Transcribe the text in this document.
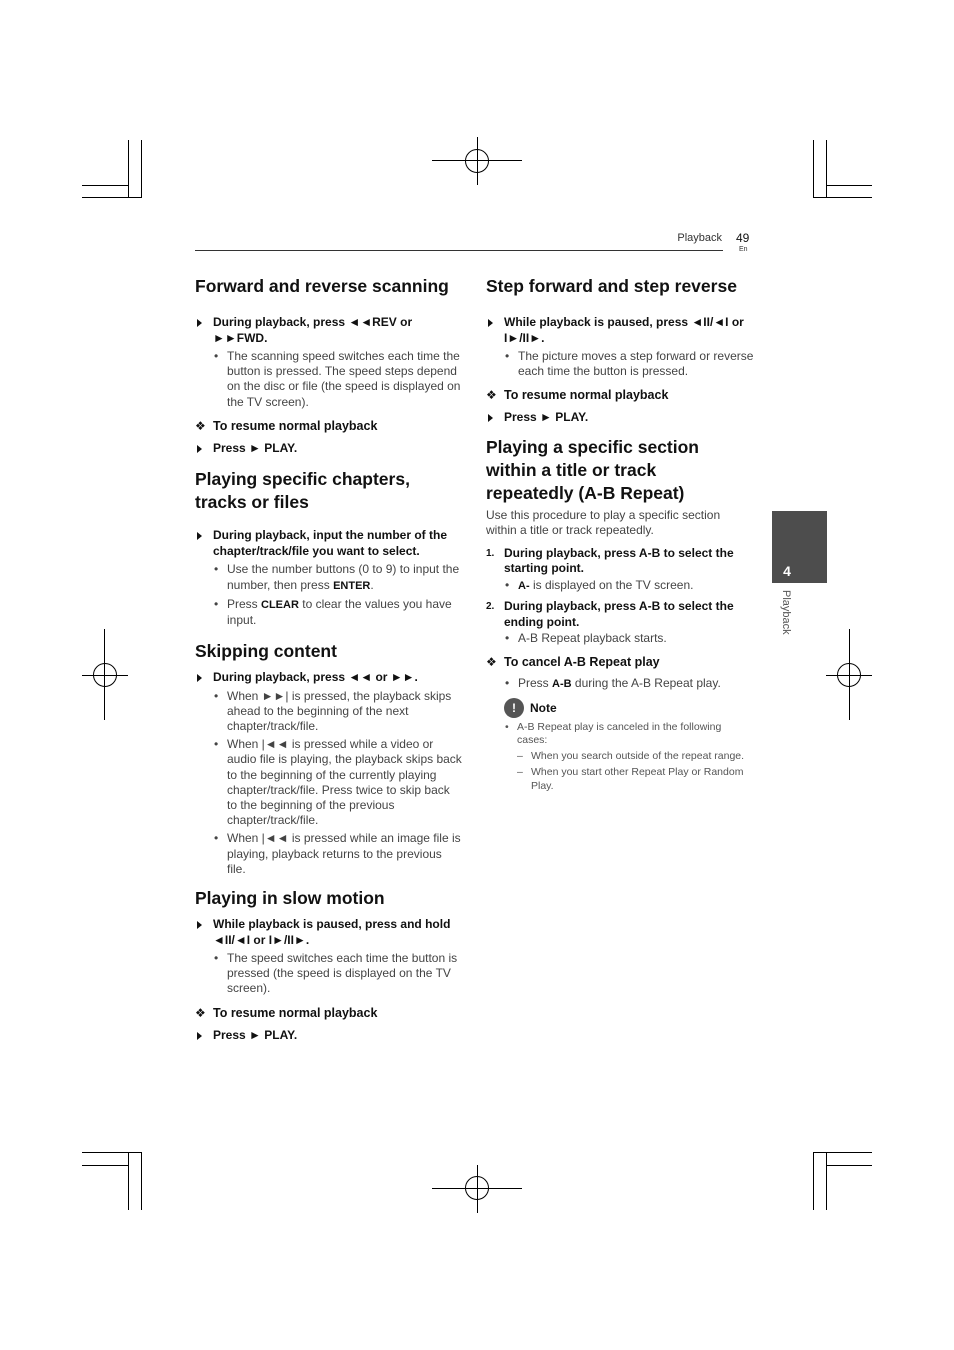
Playback 49
En
4
Playback
Forward and reverse scanning
During playback, press ◄◄REV or ►►FWD.
• The scanning speed switches each time the button is pressed. The speed steps depend on the disc or file (the speed is displayed on the TV screen).
❖ To resume normal playback
Press ► PLAY.
Playing specific chapters, tracks or files
During playback, input the number of the chapter/track/file you want to select.
• Use the number buttons (0 to 9) to input the number, then press ENTER.
• Press CLEAR to clear the values you have input.
Skipping content
During playback, press ◄◄ or ►►.
• When ►►| is pressed, the playback skips ahead to the beginning of the next chapter/track/file.
• When |◄◄ is pressed while a video or audio file is playing, the playback skips back to the beginning of the currently playing chapter/track/file. Press twice to skip back to the beginning of the previous chapter/track/file.
• When |◄◄ is pressed while an image file is playing, playback returns to the previous file.
Playing in slow motion
While playback is paused, press and hold ◄II/◄I or I►/II►.
• The speed switches each time the button is pressed (the speed is displayed on the TV screen).
❖ To resume normal playback
Press ► PLAY.
Step forward and step reverse
While playback is paused, press ◄II/◄I or I►/II►.
• The picture moves a step forward or reverse each time the button is pressed.
❖ To resume normal playback
Press ► PLAY.
Playing a specific section within a title or track repeatedly (A-B Repeat)
Use this procedure to play a specific section within a title or track repeatedly.
1. During playback, press A-B to select the starting point.
• A- is displayed on the TV screen.
2. During playback, press A-B to select the ending point.
• A-B Repeat playback starts.
❖ To cancel A-B Repeat play
• Press A-B during the A-B Repeat play.
!	Note
• A-B Repeat play is canceled in the following cases:
– When you search outside of the repeat range.
– When you start other Repeat Play or Random Play.
